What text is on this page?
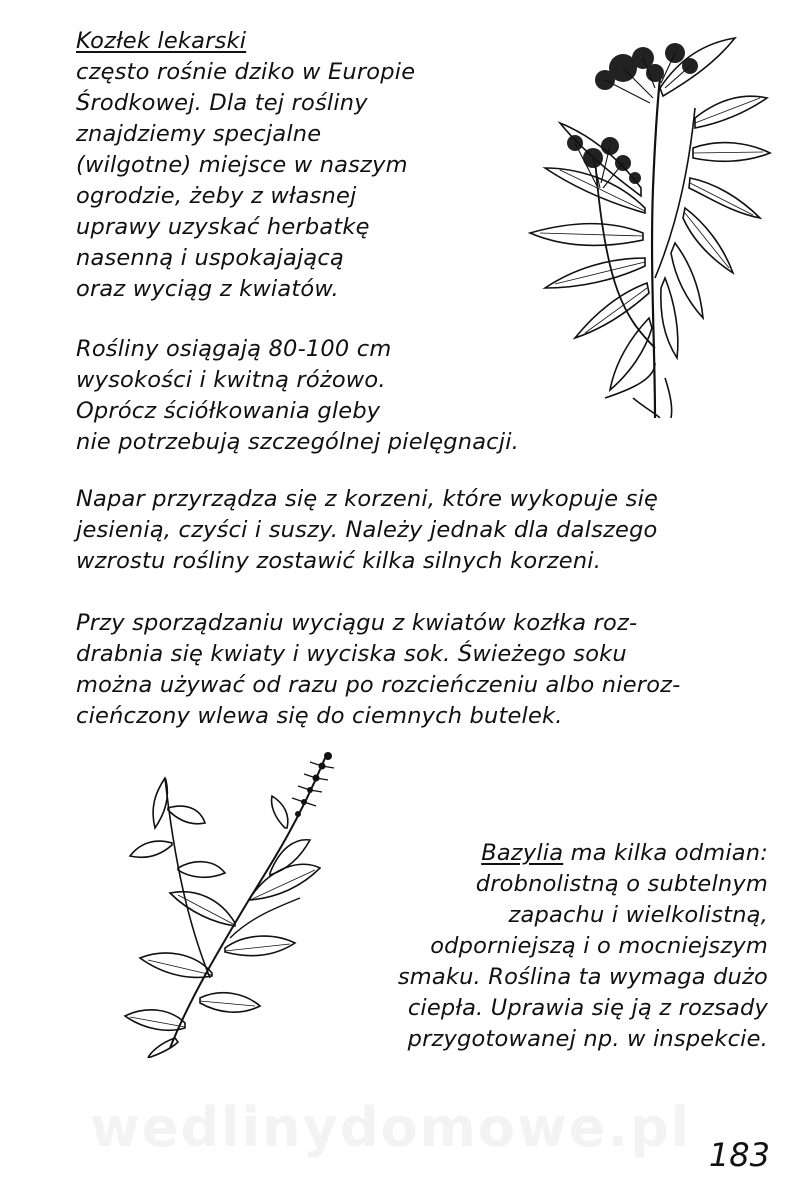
Kozłek lekarski
często rośnie dziko w Europie
Środkowej. Dla tej rośliny
znajdziemy specjalne
(wilgotne) miejsce w naszym
ogrodzie, żeby z własnej
uprawy uzyskać herbatkę
nasenną i uspokajającą
oraz wyciąg z kwiatów.
Rośliny osiągają 80-100 cm
wysokości i kwitną różowo.
Oprócz ściółkowania gleby
nie potrzebują szczególnej pielęgnacji.
Napar przyrządza się z korzeni, które wykopuje się
jesienią, czyści i suszy. Należy jednak dla dalszego
wzrostu rośliny zostawić kilka silnych korzeni.
Przy sporządzaniu wyciągu z kwiatów kozłka roz-
drabnia się kwiaty i wyciska sok. Świeżego soku
można używać od razu po rozcieńczeniu albo nieroz-
cieńczony wlewa się do ciemnych butelek.
Bazylia ma kilka odmian:
drobnolistną o subtelnym
zapachu i wielkolistną,
odporniejszą i o mocniejszym
smaku. Roślina ta wymaga dużo
ciepła. Uprawia się ją z rozsady
przygotowanej np. w inspekcie.
wedlinydomowe.pl 183
